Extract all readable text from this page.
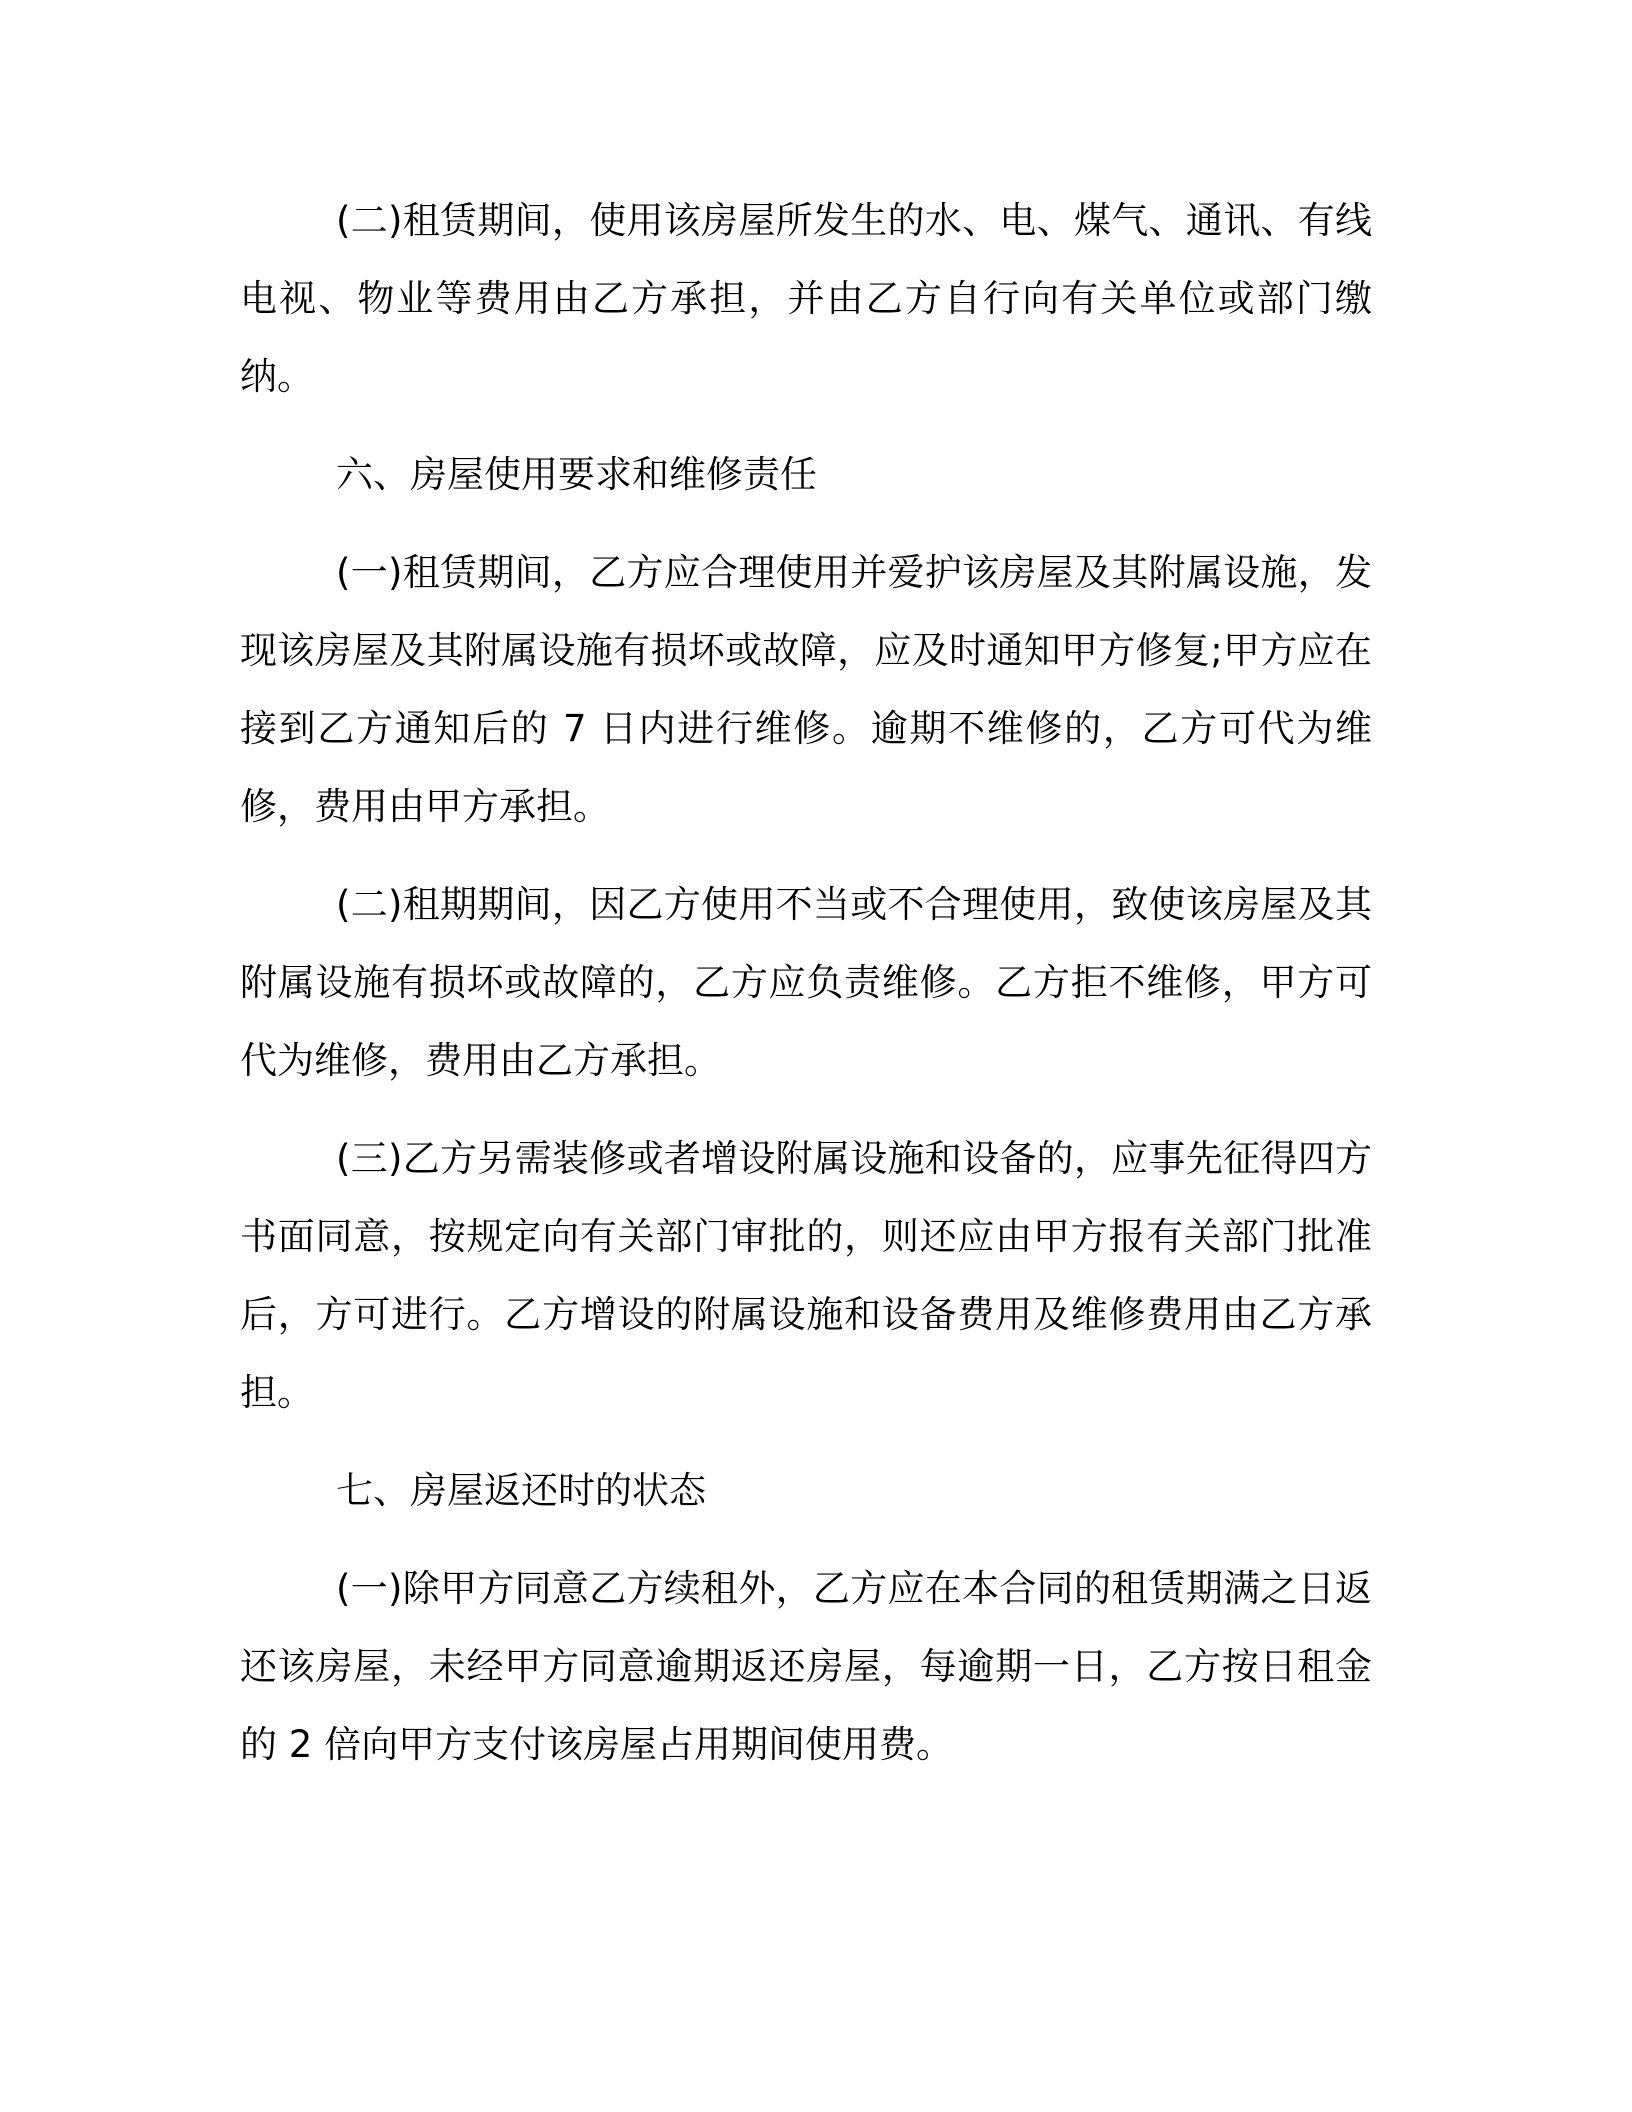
(二)租赁期间，使用该房屋所发生的水、电、煤气、通讯、有线电视、物业等费用由乙方承担，并由乙方自行向有关单位或部门缴纳。

六、房屋使用要求和维修责任

(一)租赁期间，乙方应合理使用并爱护该房屋及其附属设施，发现该房屋及其附属设施有损坏或故障，应及时通知甲方修复;甲方应在接到乙方通知后的 7 日内进行维修。逾期不维修的，乙方可代为维修，费用由甲方承担。

(二)租期期间，因乙方使用不当或不合理使用，致使该房屋及其附属设施有损坏或故障的，乙方应负责维修。乙方拒不维修，甲方可代为维修，费用由乙方承担。

(三)乙方另需装修或者增设附属设施和设备的，应事先征得四方书面同意，按规定向有关部门审批的，则还应由甲方报有关部门批准后，方可进行。乙方增设的附属设施和设备费用及维修费用由乙方承担。

七、房屋返还时的状态

(一)除甲方同意乙方续租外，乙方应在本合同的租赁期满之日返还该房屋，未经甲方同意逾期返还房屋，每逾期一日，乙方按日租金的 2 倍向甲方支付该房屋占用期间使用费。
